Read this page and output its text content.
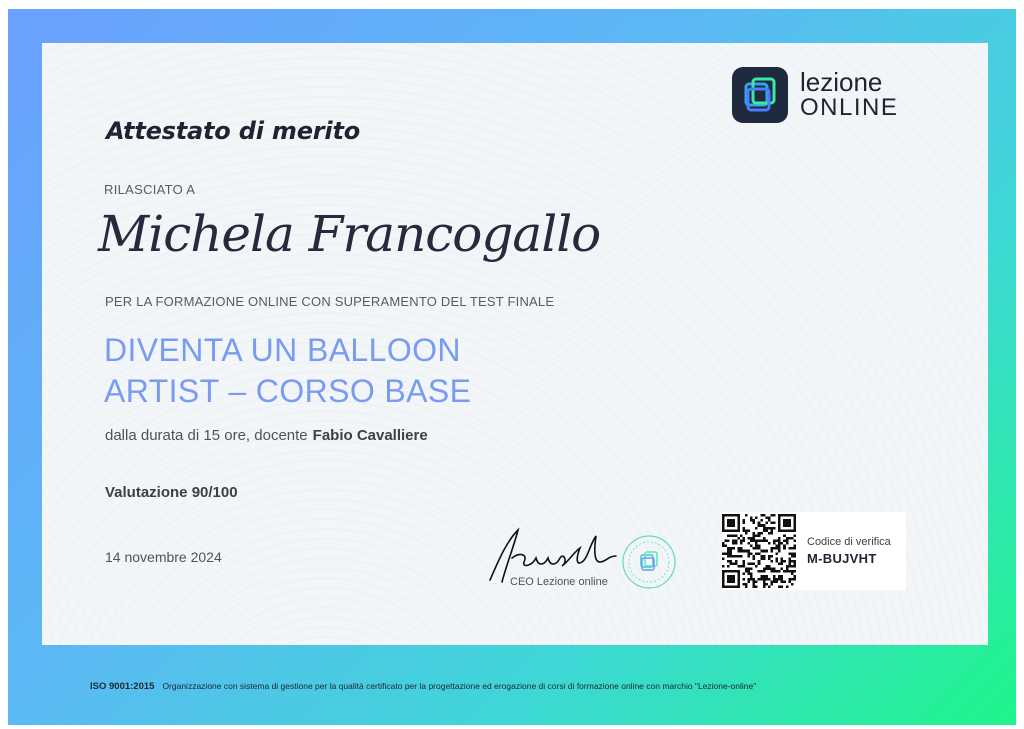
lezione
ONLINE
Attestato di merito
RILASCIATO A
Michela Francogallo
PER LA FORMAZIONE ONLINE CON SUPERAMENTO DEL TEST FINALE
DIVENTA UN BALLOON ARTIST – CORSO BASE
dalla durata di 15 ore, docente Fabio Cavalliere
Valutazione 90/100
14 novembre 2024
CEO Lezione online
Codice di verifica
M-BUJVHT
ISO 9001:2015 Organizzazione con sistema di gestione per la qualità certificato per la progettazione ed erogazione di corsi di formazione online con marchio "Lezione-online"
